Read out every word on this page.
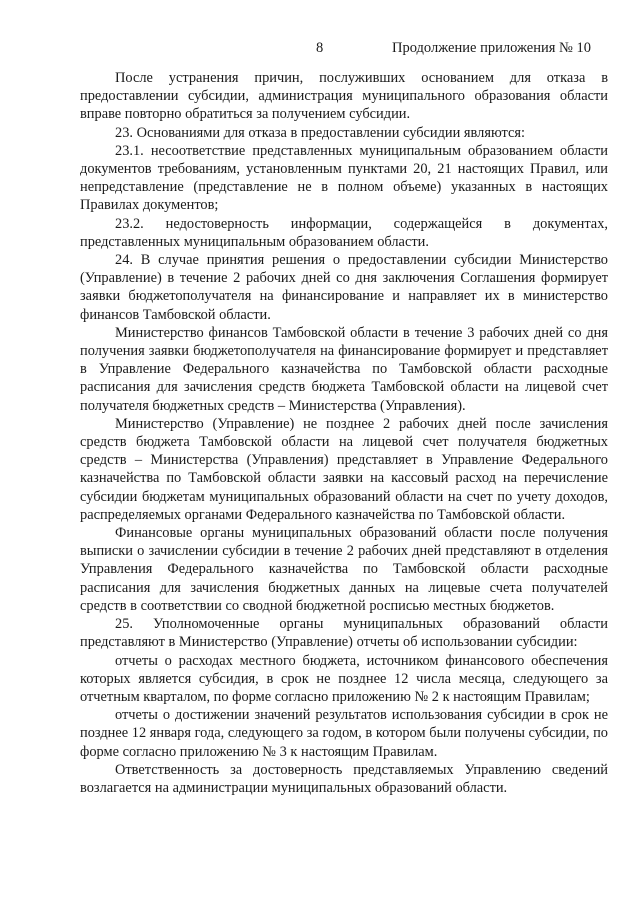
8	Продолжение приложения № 10

После устранения причин, послуживших основанием для отказа в предоставлении субсидии, администрация муниципального образования области вправе повторно обратиться за получением субсидии.

23. Основаниями для отказа в предоставлении субсидии являются:

23.1. несоответствие представленных муниципальным образованием области документов требованиям, установленным пунктами 20, 21 настоящих Правил, или непредставление (представление не в полном объеме) указанных в настоящих Правилах документов;

23.2. недостоверность информации, содержащейся в документах, представленных муниципальным образованием области.

24. В случае принятия решения о предоставлении субсидии Министерство (Управление) в течение 2 рабочих дней со дня заключения Соглашения формирует заявки бюджетополучателя на финансирование и направляет их в министерство финансов Тамбовской области.

Министерство финансов Тамбовской области в течение 3 рабочих дней со дня получения заявки бюджетополучателя на финансирование формирует и представляет в Управление Федерального казначейства по Тамбовской области расходные расписания для зачисления средств бюджета Тамбовской области на лицевой счет получателя бюджетных средств – Министерства (Управления).

Министерство (Управление) не позднее 2 рабочих дней после зачисления средств бюджета Тамбовской области на лицевой счет получателя бюджетных средств – Министерства (Управления) представляет в Управление Федерального казначейства по Тамбовской области заявки на кассовый расход на перечисление субсидии бюджетам муниципальных образований области на счет по учету доходов, распределяемых органами Федерального казначейства по Тамбовской области.

Финансовые органы муниципальных образований области после получения выписки о зачислении субсидии в течение 2 рабочих дней представляют в отделения Управления Федерального казначейства по Тамбовской области расходные расписания для зачисления бюджетных данных на лицевые счета получателей средств в соответствии со сводной бюджетной росписью местных бюджетов.

25. Уполномоченные органы муниципальных образований области представляют в Министерство (Управление) отчеты об использовании субсидии:

отчеты о расходах местного бюджета, источником финансового обеспечения которых является субсидия, в срок не позднее 12 числа месяца, следующего за отчетным кварталом, по форме согласно приложению № 2 к настоящим Правилам;

отчеты о достижении значений результатов использования субсидии в срок не позднее 12 января года, следующего за годом, в котором были получены субсидии, по форме согласно приложению № 3 к настоящим Правилам.

Ответственность за достоверность представляемых Управлению сведений возлагается на администрации муниципальных образований области.
